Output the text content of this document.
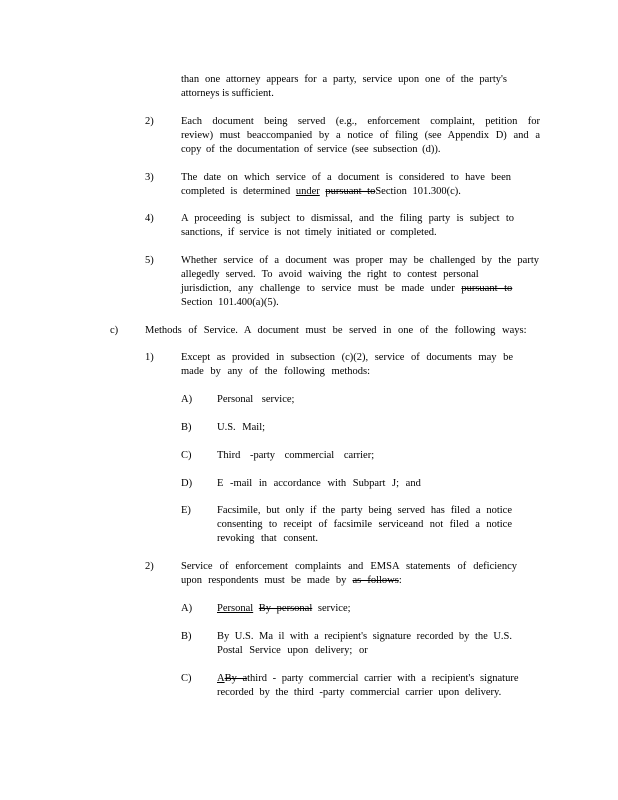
than one attorney appears for a party, service upon one of the party's
attorneys is sufficient.
2)	Each document being served (e.g., enforcement complaint, petition for
review) must beaccompanied by a notice of filing (see Appendix D) and a
copy of the documentation of service (see subsection (d)).
3)	The date on which service of a document is considered to have been
completed is determined under pursuant toSection 101.300(c).
4)	A proceeding is subject to dismissal, and the filing party is subject to
sanctions, if service is not timely initiated or completed.
5)	Whether service of a document was proper may be challenged by the party
allegedly served. To avoid waiving the right to contest personal
jurisdiction, any challenge to service must be made under pursuant to
Section 101.400(a)(5).
c)	Methods of Service. A document must be served in one of the following ways:
1)	Except as provided in subsection (c)(2), service of documents may be
made by any of the following methods:
A) Personal service;
B) U.S. Mail;
C) Third -party commercial carrier;
D) E -mail in accordance with Subpart J; and
E) Facsimile, but only if the party being served has filed a notice
consenting to receipt of facsimile serviceand not filed a notice
revoking that consent.
2)	Service of enforcement complaints and EMSA statements of deficiency
upon respondents must be made by as follows:
A) Personal By personal service;
B) By U.S. Ma il with a recipient's signature recorded by the U.S.
Postal Service upon delivery; or
C) ABy athird - party commercial carrier with a recipient's signature
recorded by the third -party commercial carrier upon delivery.
